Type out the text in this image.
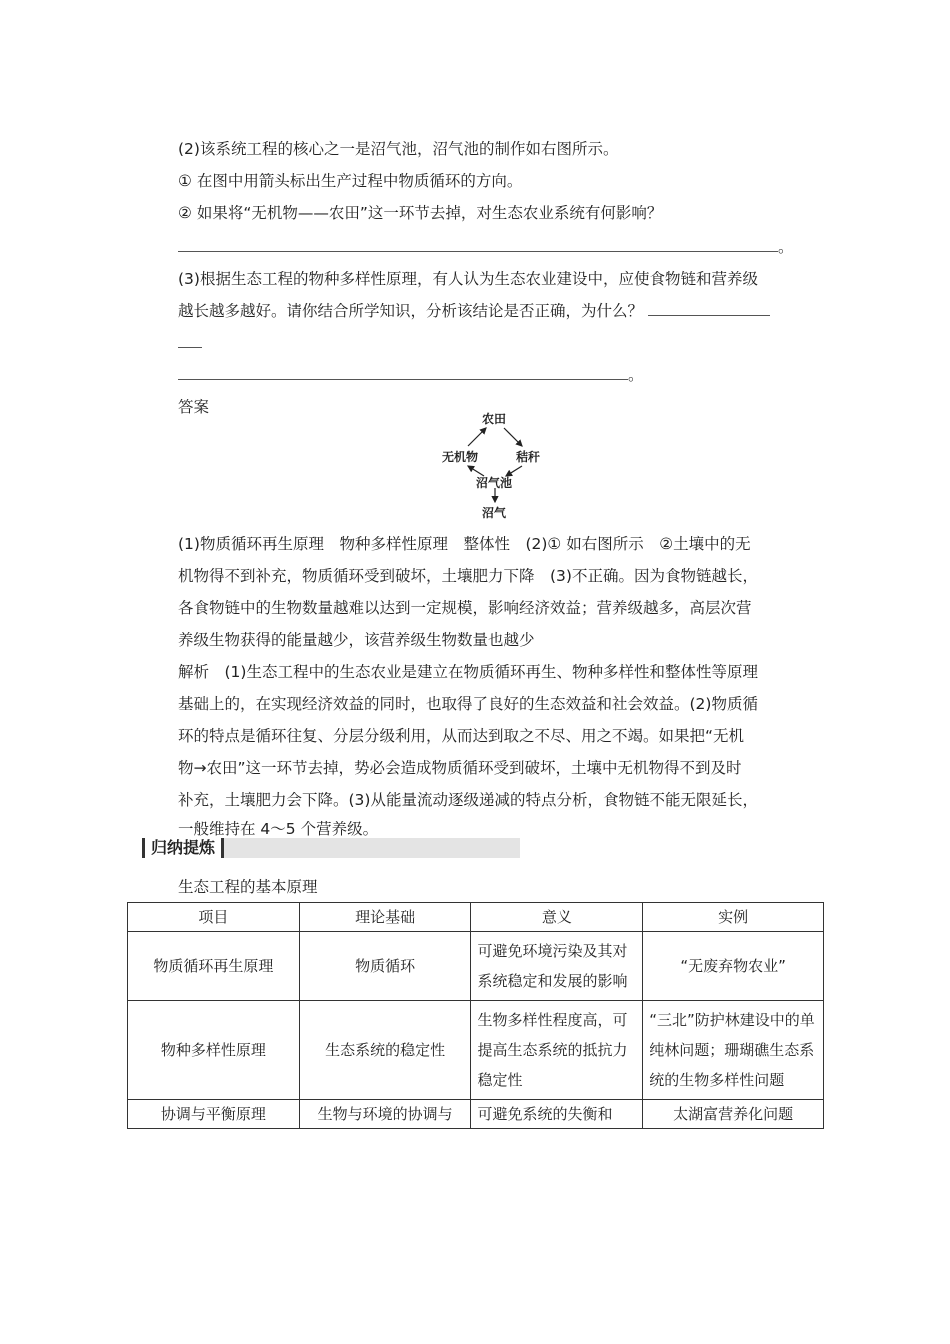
(2)该系统工程的核心之一是沼气池，沼气池的制作如右图所示。
① 在图中用箭头标出生产过程中物质循环的方向。
② 如果将“无机物——农田”这一环节去掉，对生态农业系统有何影响？
。
(3)根据生态工程的物种多样性原理，有人认为生态农业建设中，应使食物链和营养级
越长越多越好。请你结合所学知识，分析该结论是否正确，为什么？
。
答案
农田
无机物	秸秆
沼气池
沼气
(1)物质循环再生原理　物种多样性原理　整体性　(2)① 如右图所示　②土壤中的无
机物得不到补充，物质循环受到破坏，土壤肥力下降　(3)不正确。因为食物链越长，
各食物链中的生物数量越难以达到一定规模，影响经济效益；营养级越多，高层次营
养级生物获得的能量越少，该营养级生物数量也越少
解析　(1)生态工程中的生态农业是建立在物质循环再生、物种多样性和整体性等原理
基础上的，在实现经济效益的同时，也取得了良好的生态效益和社会效益。(2)物质循
环的特点是循环往复、分层分级利用，从而达到取之不尽、用之不竭。如果把“无机
物→农田”这一环节去掉，势必会造成物质循环受到破坏，土壤中无机物得不到及时
补充，土壤肥力会下降。(3)从能量流动逐级递减的特点分析，食物链不能无限延长，
一般维持在 4～5 个营养级。
归纳提炼
生态工程的基本原理
项目	理论基础	意义	实例
物质循环再生原理	物质循环	可避免环境污染及其对系统稳定和发展的影响	“无废弃物农业”
物种多样性原理	生态系统的稳定性	生物多样性程度高，可提高生态系统的抵抗力稳定性	“三北”防护林建设中的单纯林问题；珊瑚礁生态系统的生物多样性问题
协调与平衡原理	生物与环境的协调与	可避免系统的失衡和	太湖富营养化问题
